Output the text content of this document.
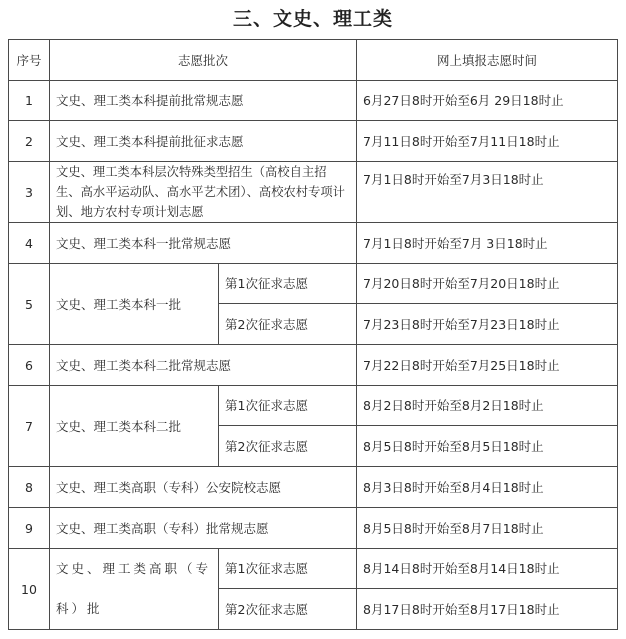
三、文史、理工类
序号	志愿批次		网上填报志愿时间
1	文史、理工类本科提前批常规志愿		6月27日8时开始至6月 29日18时止
2	文史、理工类本科提前批征求志愿		7月11日8时开始至7月11日18时止
3	文史、理工类本科层次特殊类型招生（高校自主招生、高水平运动队、高水平艺术团）、高校农村专项计划、地方农村专项计划志愿		7月1日8时开始至7月3日18时止
4	文史、理工类本科一批常规志愿		7月1日8时开始至7月 3日18时止
5	文史、理工类本科一批	第1次征求志愿	7月20日8时开始至7月20日18时止
		第2次征求志愿	7月23日8时开始至7月23日18时止
6	文史、理工类本科二批常规志愿		7月22日8时开始至7月25日18时止
7	文史、理工类本科二批	第1次征求志愿	8月2日8时开始至8月2日18时止
		第2次征求志愿	8月5日8时开始至8月5日18时止
8	文史、理工类高职（专科）公安院校志愿		8月3日8时开始至8月4日18时止
9	文史、理工类高职（专科）批常规志愿		8月5日8时开始至8月7日18时止
10	文史、理工类高职（专科）批	第1次征求志愿	8月14日8时开始至8月14日18时止
		第2次征求志愿	8月17日8时开始至8月17日18时止
